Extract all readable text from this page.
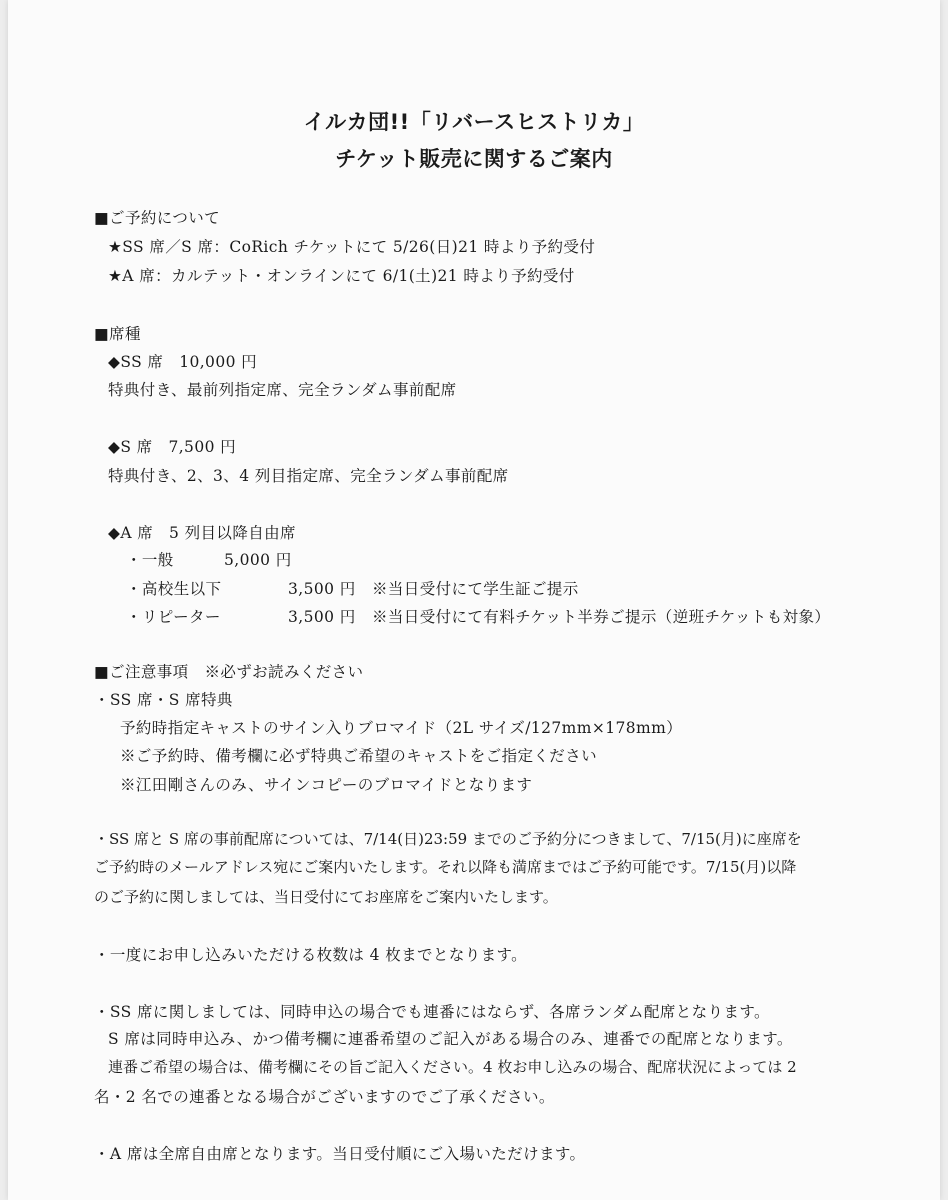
イルカ団!!「リバースヒストリカ」
チケット販売に関するご案内
■ご予約について
★SS 席／S 席：CoRich チケットにて 5/26(日)21 時より予約受付
★A 席：カルテット・オンラインにて 6/1(土)21 時より予約受付
■席種
◆SS 席　10,000 円
特典付き、最前列指定席、完全ランダム事前配席
◆S 席　7,500 円
特典付き、2、3、4 列目指定席、完全ランダム事前配席
◆A 席　5 列目以降自由席
・一般	5,000 円
・高校生以下	3,500 円 ※当日受付にて学生証ご提示
・リピーター	3,500 円 ※当日受付にて有料チケット半券ご提示（逆班チケットも対象）
■ご注意事項　※必ずお読みください
・SS 席・S 席特典
予約時指定キャストのサイン入りブロマイド（2L サイズ/127mm×178mm）
※ご予約時、備考欄に必ず特典ご希望のキャストをご指定ください
※江田剛さんのみ、サインコピーのブロマイドとなります
・SS 席と S 席の事前配席については、7/14(日)23:59 までのご予約分につきまして、7/15(月)に座席を
ご予約時のメールアドレス宛にご案内いたします。それ以降も満席まではご予約可能です。7/15(月)以降
のご予約に関しましては、当日受付にてお座席をご案内いたします。
・一度にお申し込みいただける枚数は 4 枚までとなります。
・SS 席に関しましては、同時申込の場合でも連番にはならず、各席ランダム配席となります。
S 席は同時申込み、かつ備考欄に連番希望のご記入がある場合のみ、連番での配席となります。
連番ご希望の場合は、備考欄にその旨ご記入ください。4 枚お申し込みの場合、配席状況によっては 2
名・2 名での連番となる場合がございますのでご了承ください。
・A 席は全席自由席となります。当日受付順にご入場いただけます。
